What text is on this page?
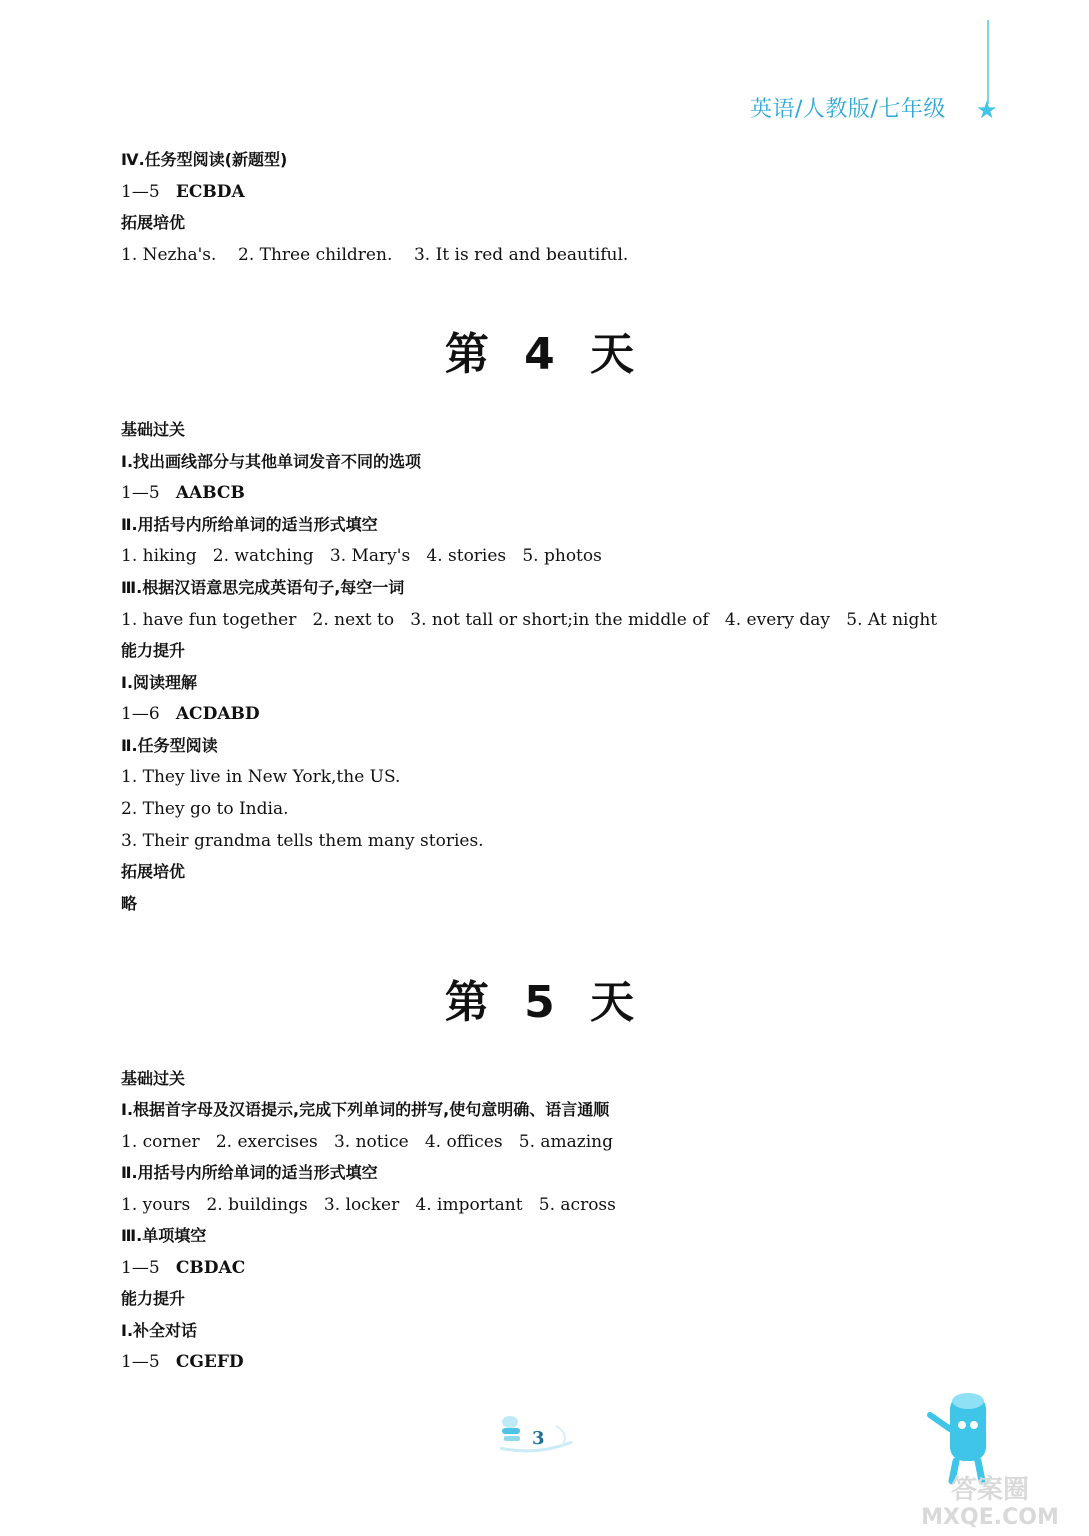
英语/人教版/七年级 ★
Ⅳ.任务型阅读(新题型)
1—5 ECBDA
拓展培优
1. Nezha's.    2. Three children.    3. It is red and beautiful.
第 4 天
基础过关
Ⅰ.找出画线部分与其他单词发音不同的选项
1—5 AABCB
Ⅱ.用括号内所给单词的适当形式填空
1. hiking   2. watching   3. Mary's   4. stories   5. photos
Ⅲ.根据汉语意思完成英语句子,每空一词
1. have fun together   2. next to   3. not tall or short;in the middle of   4. every day   5. At night
能力提升
Ⅰ.阅读理解
1—6 ACDABD
Ⅱ.任务型阅读
1. They live in New York,the US.
2. They go to India.
3. Their grandma tells them many stories.
拓展培优
略
第 5 天
基础过关
Ⅰ.根据首字母及汉语提示,完成下列单词的拼写,使句意明确、语言通顺
1. corner   2. exercises   3. notice   4. offices   5. amazing
Ⅱ.用括号内所给单词的适当形式填空
1. yours   2. buildings   3. locker   4. important   5. across
Ⅲ.单项填空
1—5 CBDAC
能力提升
Ⅰ.补全对话
1—5 CGEFD
3
答案圈
MXQE.COM
